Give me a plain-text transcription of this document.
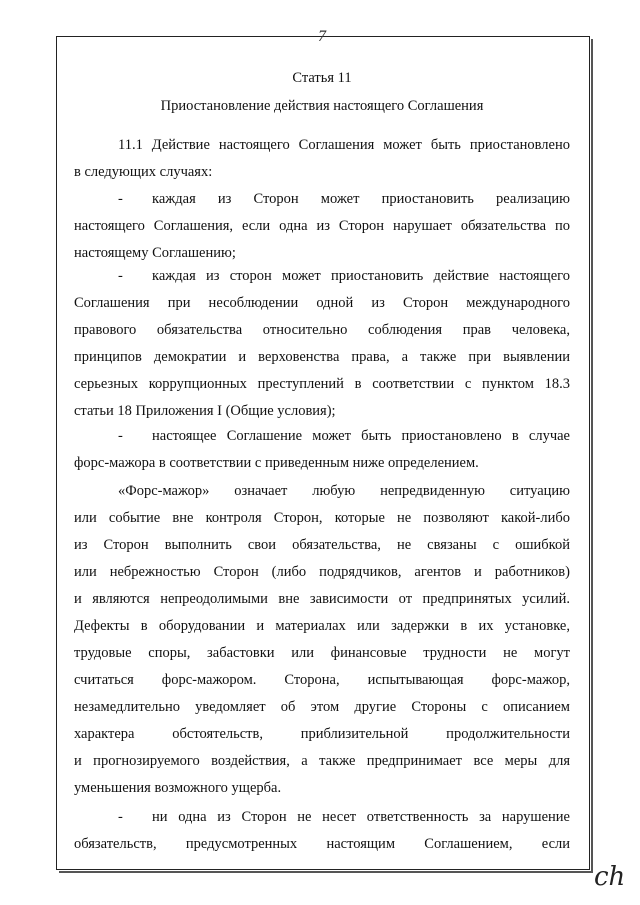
7
Статья 11
Приостановление действия настоящего Соглашения
11.1 Действие настоящего Соглашения может быть приостановлено
в следующих случаях:
- каждая из Сторон может приостановить реализацию
настоящего Соглашения, если одна из Сторон нарушает обязательства по
настоящему Соглашению;
- каждая из сторон может приостановить действие настоящего
Соглашения при несоблюдении одной из Сторон международного
правового обязательства относительно соблюдения прав человека,
принципов демократии и верховенства права, а также при выявлении
серьезных коррупционных преступлений в соответствии с пунктом 18.3
статьи 18 Приложения I (Общие условия);
- настоящее Соглашение может быть приостановлено в случае
форс-мажора в соответствии с приведенным ниже определением.
«Форс-мажор» означает любую непредвиденную ситуацию
или событие вне контроля Сторон, которые не позволяют какой-либо
из Сторон выполнить свои обязательства, не связаны с ошибкой
или небрежностью Сторон (либо подрядчиков, агентов и работников)
и являются непреодолимыми вне зависимости от предпринятых усилий.
Дефекты в оборудовании и материалах или задержки в их установке,
трудовые споры, забастовки или финансовые трудности не могут
считаться форс-мажором. Сторона, испытывающая форс-мажор,
незамедлительно уведомляет об этом другие Стороны с описанием
характера обстоятельств, приблизительной продолжительности
и прогнозируемого воздействия, а также предпринимает все меры для
уменьшения возможного ущерба.
- ни одна из Сторон не несет ответственность за нарушение
обязательств, предусмотренных настоящим Соглашением, если
ch
